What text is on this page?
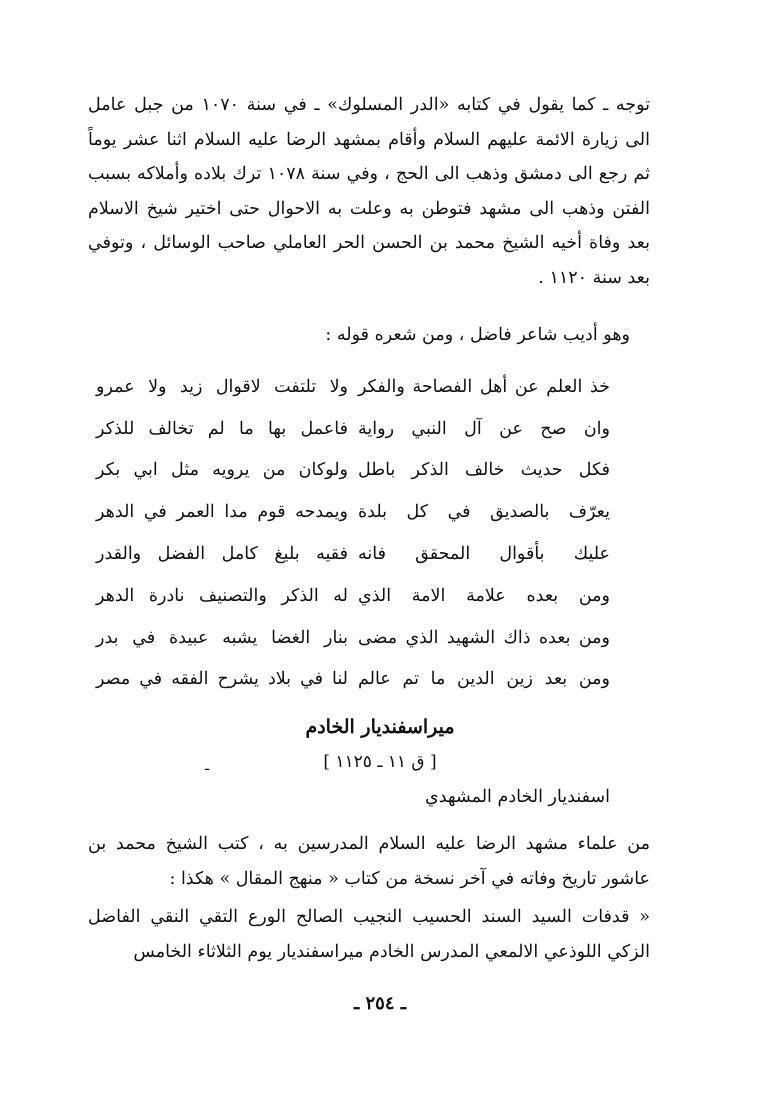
توجه ـ كما يقول في كتابه «الدر المسلوك» ـ في سنة ١٠٧٠ من جبل عامل الى زيارة الائمة عليهم السلام وأقام بمشهد الرضا عليه السلام اثنا عشر يوماً ثم رجع الى دمشق وذهب الى الحج ، وفي سنة ١٠٧٨ ترك بلاده وأملاكه بسبب الفتن وذهب الى مشهد فتوطن به وعلت به الاحوال حتى اختير شيخ الاسلام بعد وفاة أخيه الشيخ محمد بن الحسن الحر العاملي صاحب الوسائل ، وتوفي بعد سنة ١١٢٠ .

وهو أديب شاعر فاضل ، ومن شعره قوله :
خذ العلم عن أهل الفصاحة والفكر
ولا تلتفت لاقوال زيد ولا عمرو
وان صح عن آل النبي رواية
فاعمل بها ما لم تخالف للذكر
فكل حديث خالف الذكر باطل
ولوكان من يرويه مثل ابي بكر
يعرّف بالصديق في كل بلدة
ويمدحه قوم مدا العمر في الدهر
عليك بأقوال المحقق فانه
فقيه بليغ كامل الفضل والقدر
ومن بعده علامة الامة الذي
له الذكر والتصنيف نادرة الدهر
ومن بعده ذاك الشهيد الذي مضى
بنار الغضا يشبه عبيدة في بدر
ومن بعد زين الدين ما تم عالم
لنا في بلاد يشرح الفقه في مصر
ميراسفنديار الخادم
[ ق ١١ ـ ١١٢٥ ]
ـ
اسفنديار الخادم المشهدي

من علماء مشهد الرضا عليه السلام المدرسين به ، كتب الشيخ محمد بن عاشور تاريخ وفاته في آخر نسخة من كتاب « منهج المقال » هكذا :

« قدفات السيد السند الحسيب النجيب الصالح الورع التقي النقي الفاضل الزكي اللوذعي الالمعي المدرس الخادم ميراسفنديار يوم الثلاثاء الخامس

ـ ٢٥٤ ـ
